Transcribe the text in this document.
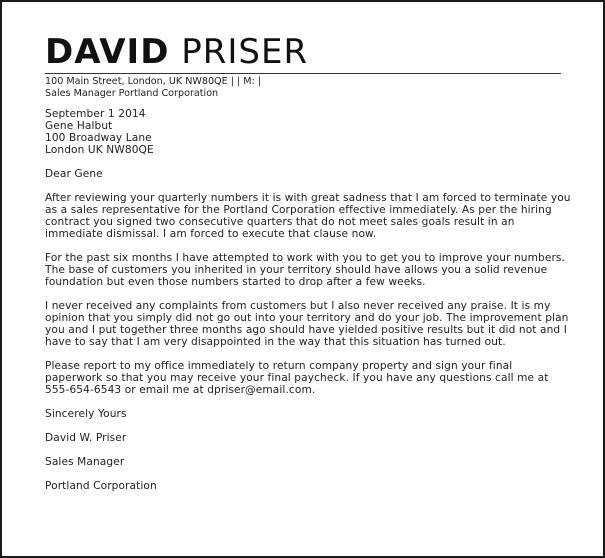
DAVID PRISER
100 Main Street, London, UK NW80QE | | M: |
Sales Manager Portland Corporation
September 1 2014
Gene Halbut
100 Broadway Lane
London UK NW80QE
Dear Gene
After reviewing your quarterly numbers it is with great sadness that I am forced to terminate you
as a sales representative for the Portland Corporation effective immediately. As per the hiring
contract you signed two consecutive quarters that do not meet sales goals result in an
immediate dismissal. I am forced to execute that clause now.
For the past six months I have attempted to work with you to get you to improve your numbers.
The base of customers you inherited in your territory should have allows you a solid revenue
foundation but even those numbers started to drop after a few weeks.
I never received any complaints from customers but I also never received any praise. It is my
opinion that you simply did not go out into your territory and do your job. The improvement plan
you and I put together three months ago should have yielded positive results but it did not and I
have to say that I am very disappointed in the way that this situation has turned out.
Please report to my office immediately to return company property and sign your final
paperwork so that you may receive your final paycheck. If you have any questions call me at
555-654-6543 or email me at dpriser@email.com.
Sincerely Yours
David W. Priser
Sales Manager
Portland Corporation
